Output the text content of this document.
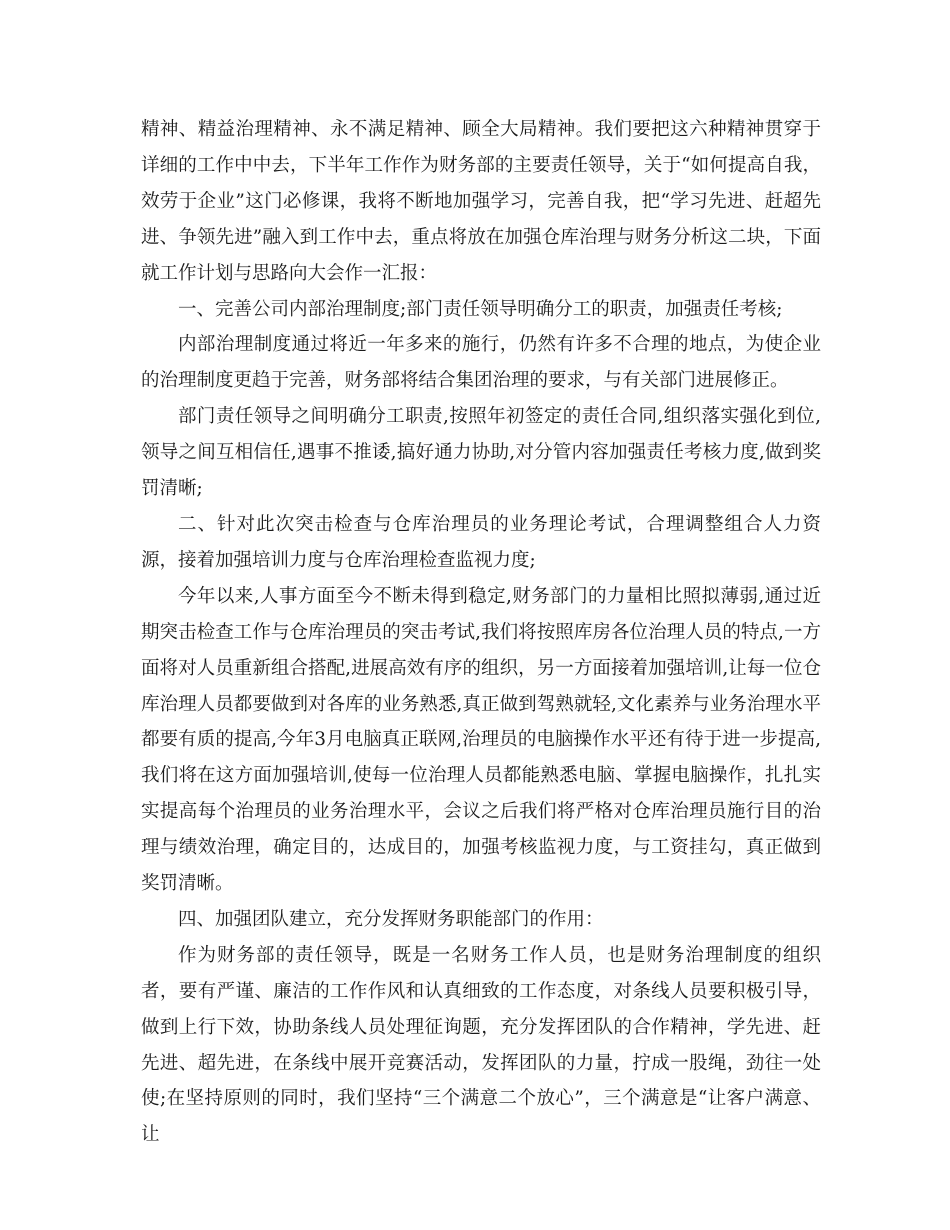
精神、精益治理精神、永不满足精神、顾全大局精神。我们要把这六种精神贯穿于详细的工作中中去，下半年工作作为财务部的主要责任领导，关于“如何提高自我，效劳于企业”这门必修课，我将不断地加强学习，完善自我，把“学习先进、赶超先进、争领先进”融入到工作中去，重点将放在加强仓库治理与财务分析这二块，下面就工作计划与思路向大会作一汇报：

一、完善公司内部治理制度;部门责任领导明确分工的职责，加强责任考核;

内部治理制度通过将近一年多来的施行，仍然有许多不合理的地点，为使企业的治理制度更趋于完善，财务部将结合集团治理的要求，与有关部门进展修正。

部门责任领导之间明确分工职责,按照年初签定的责任合同,组织落实强化到位,领导之间互相信任,遇事不推诿,搞好通力协助,对分管内容加强责任考核力度,做到奖罚清晰;

二、针对此次突击检查与仓库治理员的业务理论考试，合理调整组合人力资源，接着加强培训力度与仓库治理检查监视力度;

今年以来,人事方面至今不断未得到稳定,财务部门的力量相比照拟薄弱,通过近期突击检查工作与仓库治理员的突击考试,我们将按照库房各位治理人员的特点,一方面将对人员重新组合搭配,进展高效有序的组织，另一方面接着加强培训,让每一位仓库治理人员都要做到对各库的业务熟悉,真正做到驾熟就轻,文化素养与业务治理水平都要有质的提高,今年3月电脑真正联网,治理员的电脑操作水平还有待于进一步提高,我们将在这方面加强培训,使每一位治理人员都能熟悉电脑、掌握电脑操作，扎扎实实提高每个治理员的业务治理水平，会议之后我们将严格对仓库治理员施行目的治理与绩效治理，确定目的，达成目的，加强考核监视力度，与工资挂勾，真正做到奖罚清晰。

四、加强团队建立，充分发挥财务职能部门的作用：

作为财务部的责任领导，既是一名财务工作人员，也是财务治理制度的组织者，要有严谨、廉洁的工作作风和认真细致的工作态度，对条线人员要积极引导，做到上行下效，协助条线人员处理征询题，充分发挥团队的合作精神，学先进、赶先进、超先进，在条线中展开竞赛活动，发挥团队的力量，拧成一股绳，劲往一处使;在坚持原则的同时，我们坚持“三个满意二个放心”，三个满意是“让客户满意、让
